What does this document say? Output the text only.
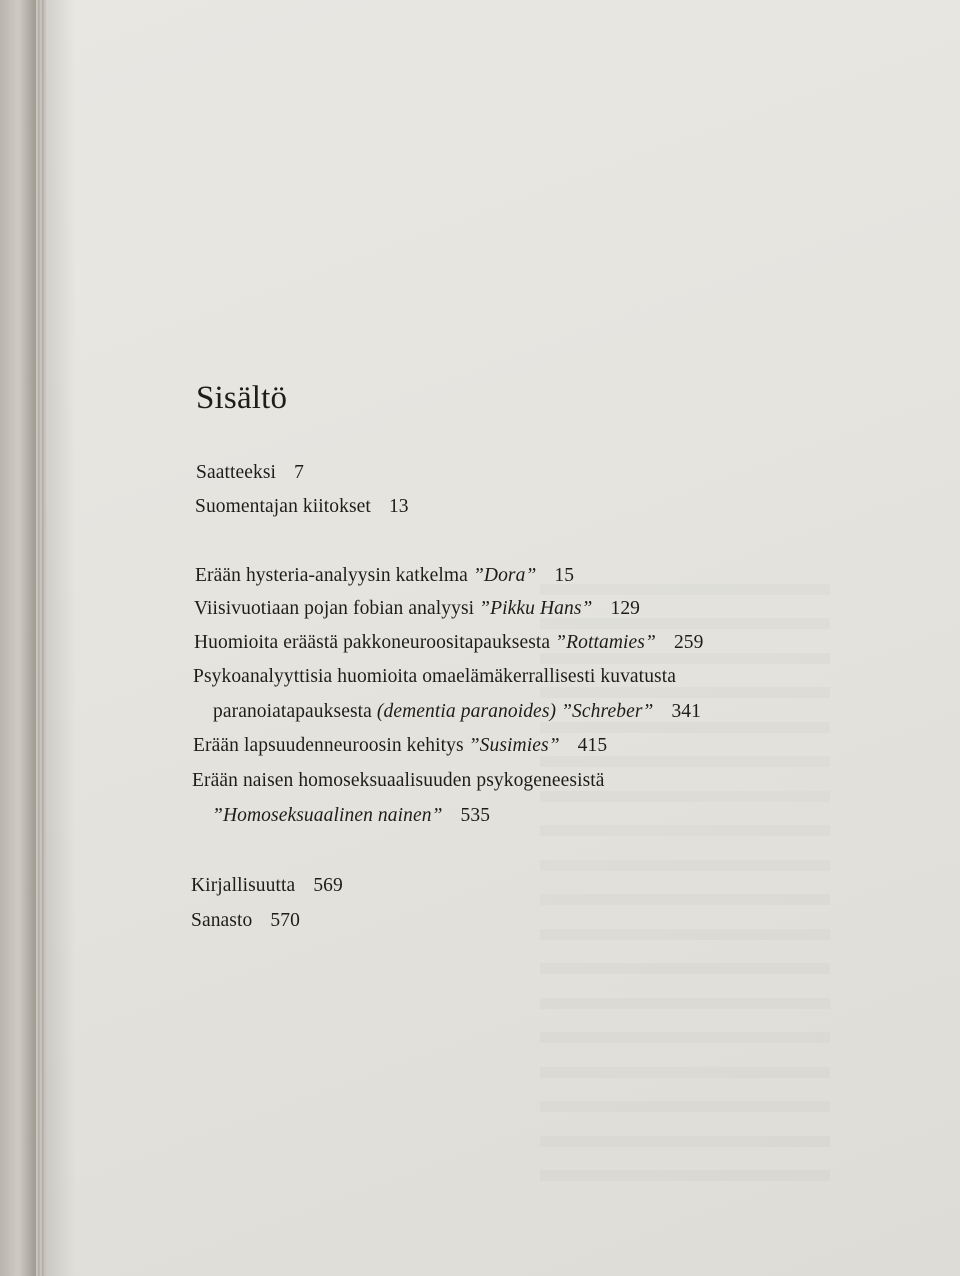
Sisältö
Saatteeksi 7
Suomentajan kiitokset 13
Erään hysteria-analyysin katkelma ”Dora” 15
Viisivuotiaan pojan fobian analyysi ”Pikku Hans” 129
Huomioita eräästä pakkoneuroositapauksesta ”Rottamies” 259
Psykoanalyyttisia huomioita omaelämäkerrallisesti kuvatusta
paranoiatapauksesta (dementia paranoides) ”Schreber” 341
Erään lapsuudenneuroosin kehitys ”Susimies” 415
Erään naisen homoseksuaalisuuden psykogeneesistä
”Homoseksuaalinen nainen” 535
Kirjallisuutta 569
Sanasto 570
